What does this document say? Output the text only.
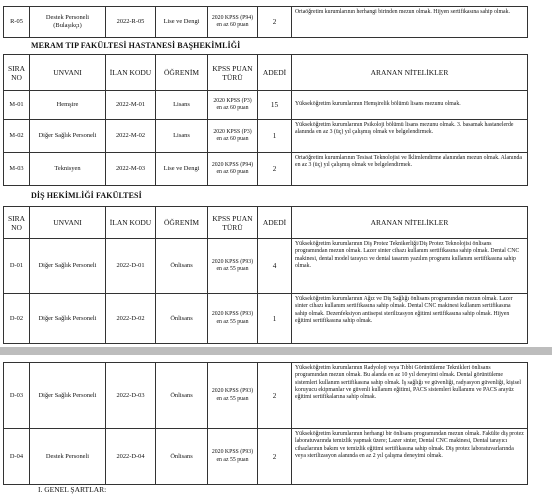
R-05	Destek Personeli (Bulaşıkçı)	2022-R-05	Lise ve Dengi	2020 KPSS (P94) en az 60 puan	2	Ortaöğretim kurumlarının herhangi birinden mezun olmak. Hijyen sertifikasına sahip olmak.
MERAM TIP FAKÜLTESİ HASTANESİ BAŞHEKİMLİĞİ
SIRA NO	UNVANI	İLAN KODU	ÖĞRENİM	KPSS PUAN TÜRÜ	ADEDİ	ARANAN NİTELİKLER
M-01	Hemşire	2022-M-01	Lisans	2020 KPSS (P3) en az 60 puan	15	Yükseköğretim kurumlarının Hemşirelik bölümü lisans mezunu olmak.
M-02	Diğer Sağlık Personeli	2022-M-02	Lisans	2020 KPSS (P3) en az 60 puan	1	Yükseköğretim kurumlarının Psikoloji bölümü lisans mezunu olmak. 3. basamak hastanelerde alanında en az 3 (üç) yıl çalışmış olmak ve belgelendirmek.
M-03	Teknisyen	2022-M-03	Lise ve Dengi	2020 KPSS (P94) en az 60 puan	2	Ortaöğretim kurumlarının Tesisat Teknolojisi ve İklimlendirme alanından mezun olmak. Alanında en az 3 (üç) yıl çalışmış olmak ve belgelendirmek.
DİŞ HEKİMLİĞİ FAKÜLTESİ
SIRA NO	UNVANI	İLAN KODU	ÖĞRENİM	KPSS PUAN TÜRÜ	ADEDİ	ARANAN NİTELİKLER
D-01	Diğer Sağlık Personeli	2022-D-01	Önlisans	2020 KPSS (P93) en az 55 puan	4	Yükseköğretim kurumlarının Diş Protez Teknikerliği/Diş Protez Teknolojisi önlisans programından mezun olmak. Lazer sinter cihazı kullanım sertifikasına sahip olmak. Dental CNC makinesi, dental model tarayıcı ve dental tasarım yazılım programı kullanım sertifikasına sahip olmak.
D-02	Diğer Sağlık Personeli	2022-D-02	Önlisans	2020 KPSS (P93) en az 55 puan	1	Yükseköğretim kurumlarının Ağız ve Diş Sağlığı önlisans programından mezun olmak. Lazer sinter cihazı kullanım sertifikasına sahip olmak. Dental CNC makinesi kullanım sertifikasına sahip olmak. Dezenfeksiyon antisepsi sterilizasyon eğitimi sertifikasına sahip olmak. Hijyen eğitimi sertifikasına sahip olmak.
D-03	Diğer Sağlık Personeli	2022-D-03	Önlisans	2020 KPSS (P93) en az 55 puan	2	Yükseköğretim kurumlarının Radyoloji veya Tıbbi Görüntüleme Teknikleri önlisans programından mezun olmak. Bu alanda en az 10 yıl deneyimi olmak. Dental görüntüleme sistemleri kullanım sertifikasına sahip olmak. İş sağlığı ve güvenliği, radyasyon güvenliği, kişisel koruyucu ekipmanlar ve güvenli kullanım eğitimi, PACS sistemleri kullanımı ve PACS arayüz eğitimi sertifikalarına sahip olmak.
D-04	Destek Personeli	2022-D-04	Önlisans	2020 KPSS (P93) en az 55 puan	2	Yükseköğretim kurumlarının herhangi bir önlisans programından mezun olmak. Fakülte diş protez laboratuvarında temizlik yapmak üzere; Lazer sinter, Dental CNC makinesi, Dental tarayıcı cihazlarının bakım ve temizlik eğitimi sertifikasına sahip olmak. Diş protez laboratuvarlarında veya sterilizasyon alanında en az 2 yıl çalışma deneyimi olmak.
I. GENEL ŞARTLAR:
